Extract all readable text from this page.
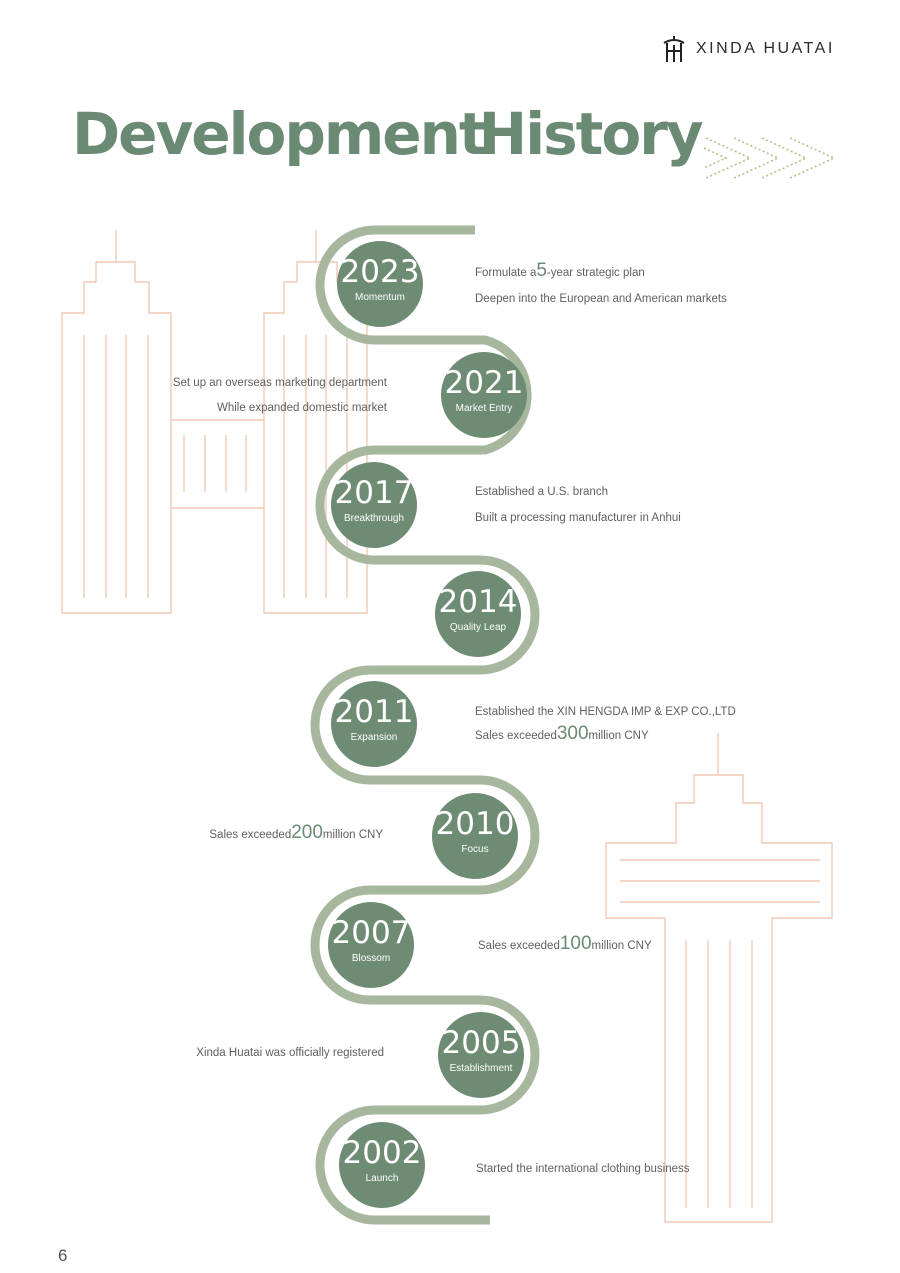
XINDA HUATAI
DevelopmentHistory
2023
Momentum
2021
Market Entry
2017
Breakthrough
2014
Quality Leap
2011
Expansion
2010
Focus
2007
Blossom
2005
Establishment
2002
Launch
Formulate a5-year strategic plan
Deepen into the European and American markets
Set up an overseas marketing department
While expanded domestic market
Established a U.S. branch
Built a processing manufacturer in Anhui
Established the XIN HENGDA IMP & EXP CO.,LTD
Sales exceeded300million CNY
Sales exceeded200million CNY
Sales exceeded100million CNY
Xinda Huatai was officially registered
Started the international clothing business
6
